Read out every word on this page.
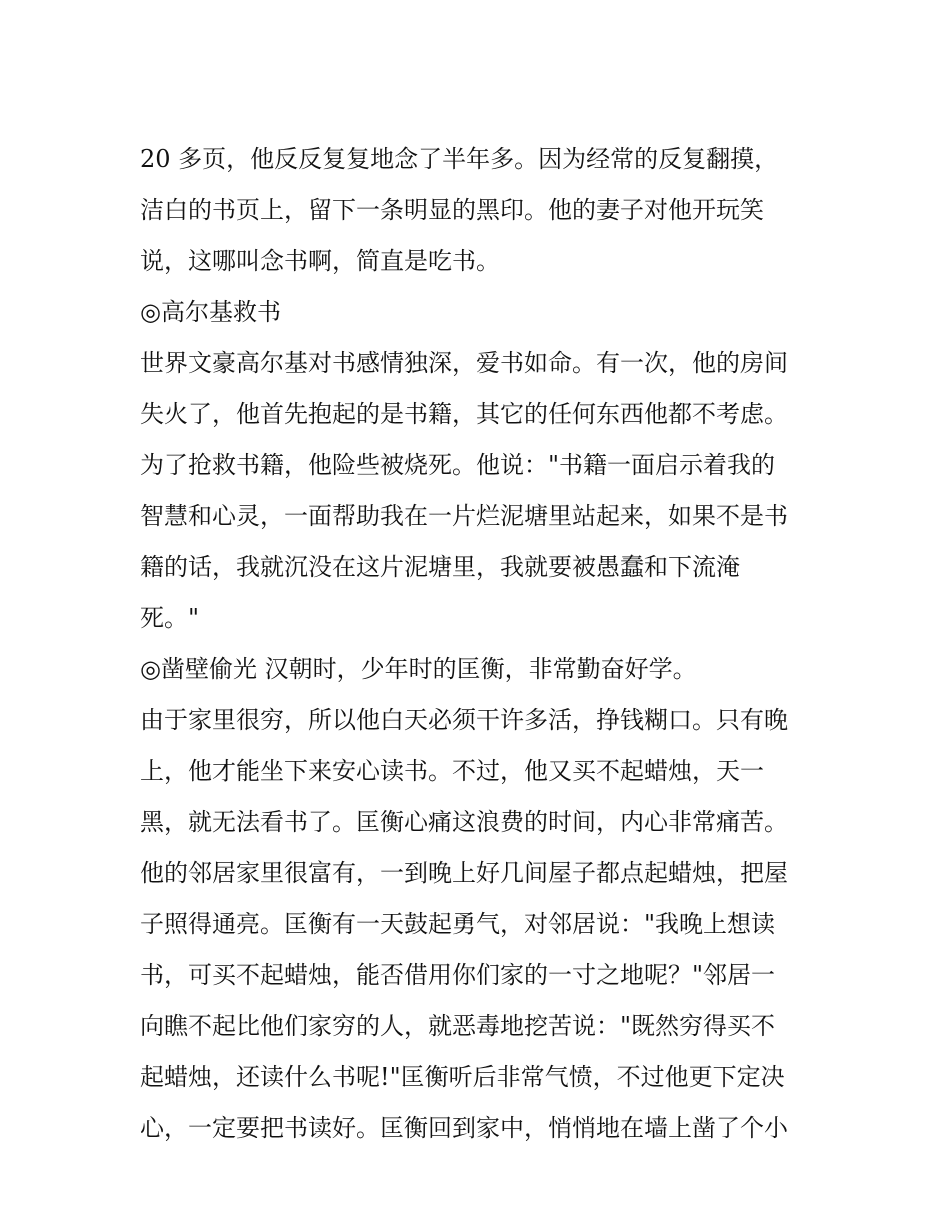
20 多页，他反反复复地念了半年多。因为经常的反复翻摸，
洁白的书页上，留下一条明显的黑印。他的妻子对他开玩笑
说，这哪叫念书啊，简直是吃书。
◎高尔基救书
世界文豪高尔基对书感情独深，爱书如命。有一次，他的房间
失火了，他首先抱起的是书籍，其它的任何东西他都不考虑。
为了抢救书籍，他险些被烧死。他说："书籍一面启示着我的
智慧和心灵，一面帮助我在一片烂泥塘里站起来，如果不是书
籍的话，我就沉没在这片泥塘里，我就要被愚蠢和下流淹
死。"
◎凿壁偷光 汉朝时，少年时的匡衡，非常勤奋好学。
由于家里很穷，所以他白天必须干许多活，挣钱糊口。只有晚
上，他才能坐下来安心读书。不过，他又买不起蜡烛，天一
黑，就无法看书了。匡衡心痛这浪费的时间，内心非常痛苦。
他的邻居家里很富有，一到晚上好几间屋子都点起蜡烛，把屋
子照得通亮。匡衡有一天鼓起勇气，对邻居说："我晚上想读
书，可买不起蜡烛，能否借用你们家的一寸之地呢？"邻居一
向瞧不起比他们家穷的人，就恶毒地挖苦说："既然穷得买不
起蜡烛，还读什么书呢!"匡衡听后非常气愤，不过他更下定决
心，一定要把书读好。匡衡回到家中，悄悄地在墙上凿了个小
